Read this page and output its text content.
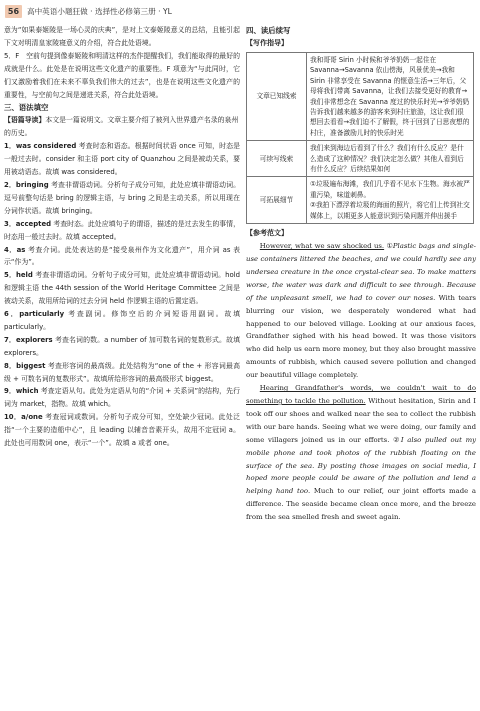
56	高中英语小题狂做 · 选择性必修第三册 · YL

意为“如果泰姬陵是一场心灵的庆典”，是对上文泰姬陵意义的总结，且能引起下文对明清皇家陵寝意义的介绍，符合此处语境。

5．F　空前句提到像泰姬陵和明清这样的杰作提醒我们，我们能取得的最好的成就是什么。此处是在说明这些文化遗产的重要性。F 项意为“与此同时，它们又激励着我们在未来不辜负我们伟大的过去”，也是在说明这些文化遗产的重要性，与空前句之间是递进关系，符合此处语境。

三、语法填空

【语篇导读】本文是一篇说明文。文章主要介绍了被列入世界遗产名录的泉州的历史。

1．was considered 考查时态和语态。根据时间状语 once 可知，时态是一般过去时。consider 和主语 port city of Quanzhou 之间是被动关系，要用被动语态。故填 was considered。

2．bringing 考查非谓语动词。分析句子成分可知，此处应填非谓语动词。逗号前整句话是 bring 的逻辑主语，与 bring 之间是主动关系，所以用现在分词作状语。故填 bringing。

3．accepted 考查时态。此处应填句子的谓语，描述的是过去发生的事情，时态用一般过去时。故填 accepted。

4．as 考查介词。此处表达的是“接受泉州作为文化遗产”，用介词 as 表示“作为”。

5．held 考查非谓语动词。分析句子成分可知，此处应填非谓语动词。hold 和逻辑主语 the 44th session of the World Heritage Committee 之间是被动关系，故用所给词的过去分词 held 作逻辑主语的后置定语。

6．particularly 考查副词。修饰空后的介词短语用副词。故填 particularly。

7．explorers 考查名词的数。a number of 加可数名词的复数形式。故填 explorers。

8．biggest 考查形容词的最高级。此处结构为“one of the + 形容词最高级 + 可数名词的复数形式”。故填所给形容词的最高级形式 biggest。

9．which 考查定语从句。此处为定语从句的“介词 + 关系词”的结构，先行词为 market，指物。故填 which。

10．a/one 考查冠词或数词。分析句子成分可知，空处缺少冠词。此处泛指“一个主要的造船中心”，且 leading 以辅音音素开头，故用不定冠词 a。此处也可用数词 one，表示“一个”。故填 a 或者 one。

四、读后续写
【写作指导】
文章已知线索	我和哥哥 Sirin 小时候和爷爷奶奶一起住在 Savanna→Savanna 依山傍海，风景优美→我和 Sirin 非常享受在 Savanna 的惬意生活→三年后，父母将我们带离 Savanna，让我们去接受更好的教育→我们非常想念在 Savanna 度过的快乐时光→爷爷奶奶告诉我们越来越多的游客来到村庄旅游，这让我们很想回去看看→我们迫不了解假，终于回到了日思夜想的村庄，准备激励儿时的快乐时光
可续写线索	我们来到海边后看到了什么？我们有什么反应？是什么造成了这种情况？我们决定怎么做？其他人看到后有什么反应？后续结果如何
可拓展细节	①垃圾遍布海滩，我们几乎看不见水下生物。海水被严重污染，味道刺鼻。
②我拍下漂浮着垃圾的海面的照片，将它们上传到社交媒体上，以期更多人能意识到污染问题并伸出援手
【参考范文】

However, what we saw shocked us. ①Plastic bags and single-use containers littered the beaches, and we could hardly see any undersea creature in the once crystal-clear sea. To make matters worse, the water was dark and difficult to see through. Because of the unpleasant smell, we had to cover our noses. With tears blurring our vision, we desperately wondered what had happened to our beloved village. Looking at our anxious faces, Grandfather sighed with his head bowed. It was those visitors who did help us earn more money, but they also brought massive amounts of rubbish, which caused severe pollution and changed our beautiful village completely.

Hearing Grandfather's words, we couldn't wait to do something to tackle the pollution. Without hesitation, Sirin and I took off our shoes and walked near the sea to collect the rubbish with our bare hands. Seeing what we were doing, our family and some villagers joined us in our efforts. ②I also pulled out my mobile phone and took photos of the rubbish floating on the surface of the sea. By posting those images on social media, I hoped more people could be aware of the pollution and lend a helping hand too. Much to our relief, our joint efforts made a difference. The seaside became clean once more, and the breeze from the sea smelled fresh and sweet again.
